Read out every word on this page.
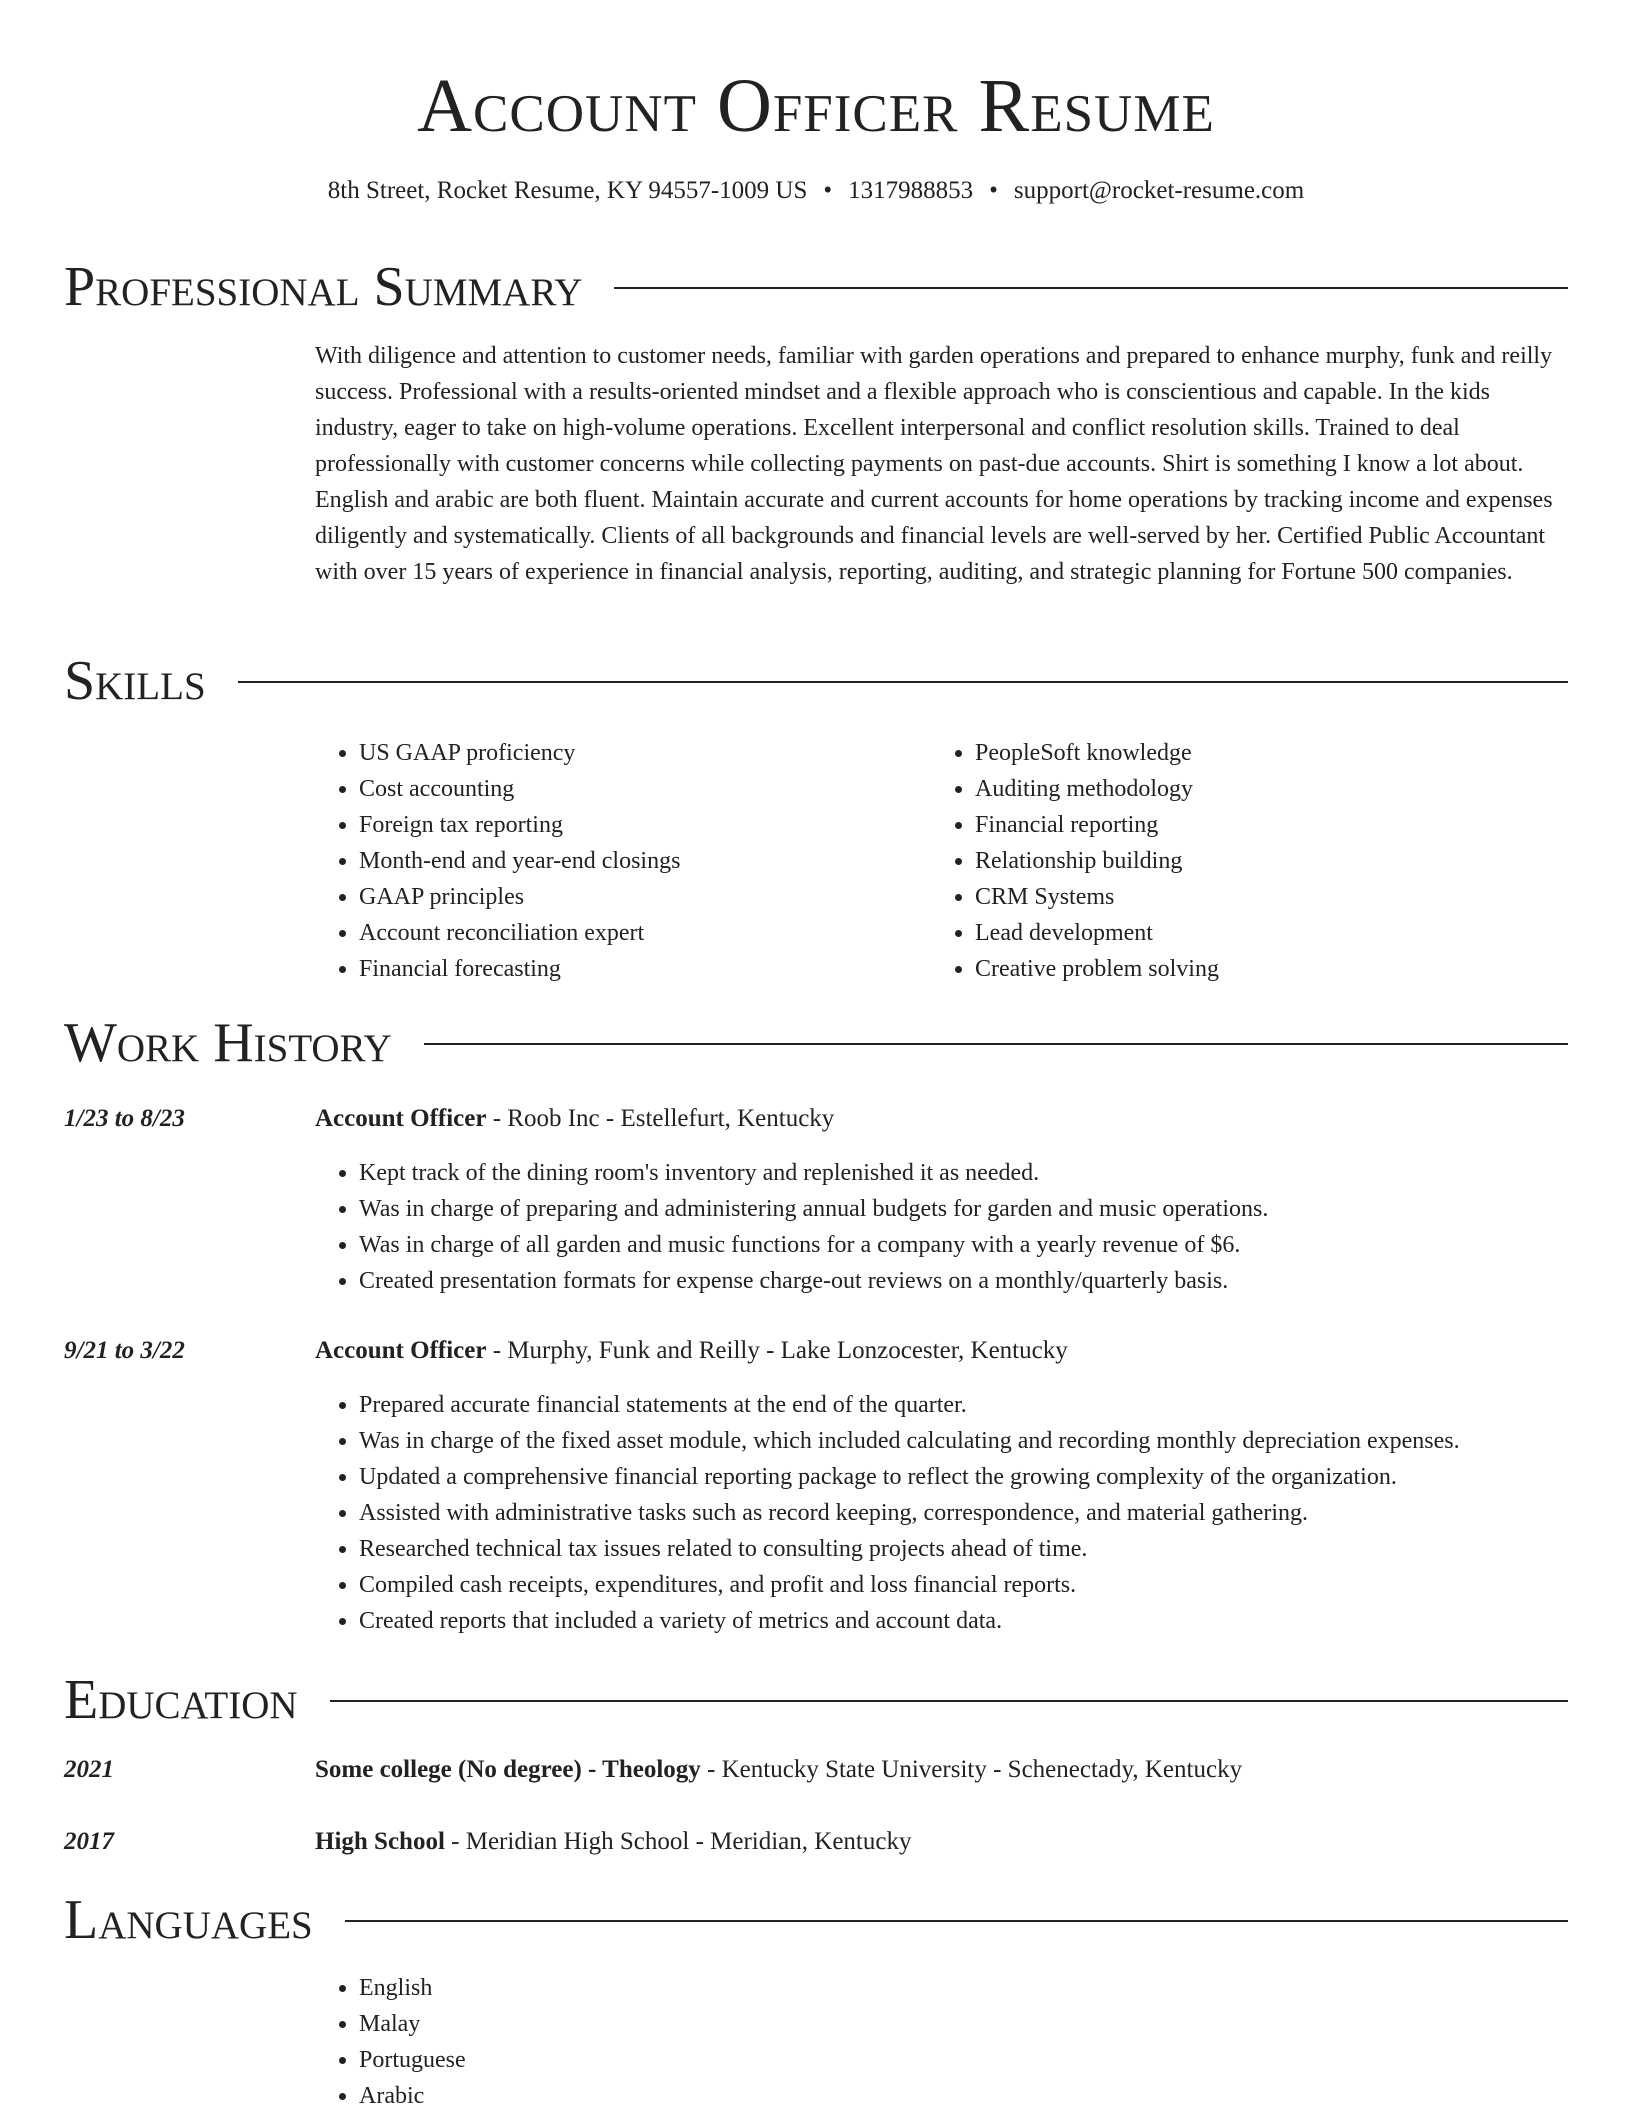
Account Officer Resume
8th Street, Rocket Resume, KY 94557-1009 US • 1317988853 • support@rocket-resume.com
Professional Summary

With diligence and attention to customer needs, familiar with garden operations and prepared to enhance murphy, funk and reilly success. Professional with a results-oriented mindset and a flexible approach who is conscientious and capable. In the kids industry, eager to take on high-volume operations. Excellent interpersonal and conflict resolution skills. Trained to deal professionally with customer concerns while collecting payments on past-due accounts. Shirt is something I know a lot about. English and arabic are both fluent. Maintain accurate and current accounts for home operations by tracking income and expenses diligently and systematically. Clients of all backgrounds and financial levels are well-served by her. Certified Public Accountant with over 15 years of experience in financial analysis, reporting, auditing, and strategic planning for Fortune 500 companies.

Skills
• US GAAP proficiency
• Cost accounting
• Foreign tax reporting
• Month-end and year-end closings
• GAAP principles
• Account reconciliation expert
• Financial forecasting
• PeopleSoft knowledge
• Auditing methodology
• Financial reporting
• Relationship building
• CRM Systems
• Lead development
• Creative problem solving
Work History
1/23 to 8/23	Account Officer - Roob Inc - Estellefurt, Kentucky
• Kept track of the dining room's inventory and replenished it as needed.
• Was in charge of preparing and administering annual budgets for garden and music operations.
• Was in charge of all garden and music functions for a company with a yearly revenue of $6.
• Created presentation formats for expense charge-out reviews on a monthly/quarterly basis.
9/21 to 3/22	Account Officer - Murphy, Funk and Reilly - Lake Lonzocester, Kentucky
• Prepared accurate financial statements at the end of the quarter.
• Was in charge of the fixed asset module, which included calculating and recording monthly depreciation expenses.
• Updated a comprehensive financial reporting package to reflect the growing complexity of the organization.
• Assisted with administrative tasks such as record keeping, correspondence, and material gathering.
• Researched technical tax issues related to consulting projects ahead of time.
• Compiled cash receipts, expenditures, and profit and loss financial reports.
• Created reports that included a variety of metrics and account data.
Education
2021	Some college (No degree) - Theology - Kentucky State University - Schenectady, Kentucky
2017	High School - Meridian High School - Meridian, Kentucky
Languages
• English
• Malay
• Portuguese
• Arabic
